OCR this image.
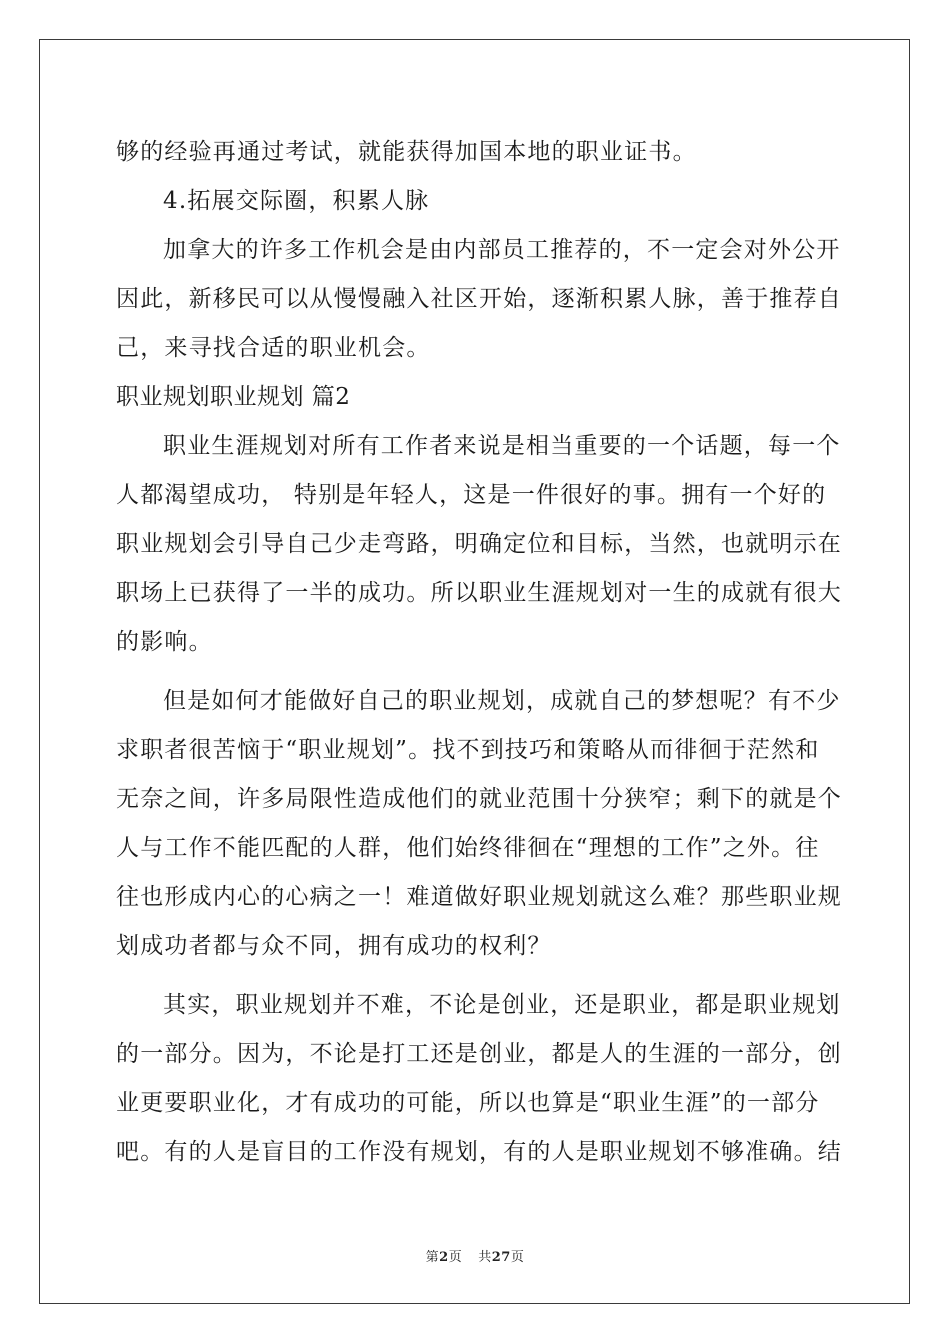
够的经验再通过考试，就能获得加国本地的职业证书。
4.拓展交际圈，积累人脉
加拿大的许多工作机会是由内部员工推荐的，不一定会对外公开
因此，新移民可以从慢慢融入社区开始，逐渐积累人脉，善于推荐自
己，来寻找合适的职业机会。
职业规划职业规划 篇2
职业生涯规划对所有工作者来说是相当重要的一个话题，每一个
人都渴望成功， 特别是年轻人，这是一件很好的事。拥有一个好的
职业规划会引导自己少走弯路，明确定位和目标，当然，也就明示在
职场上已获得了一半的成功。所以职业生涯规划对一生的成就有很大
的影响。
但是如何才能做好自己的职业规划，成就自己的梦想呢？有不少
求职者很苦恼于“职业规划”。找不到技巧和策略从而徘徊于茫然和
无奈之间，许多局限性造成他们的就业范围十分狭窄；剩下的就是个
人与工作不能匹配的人群，他们始终徘徊在“理想的工作”之外。往
往也形成内心的心病之一！难道做好职业规划就这么难？那些职业规
划成功者都与众不同，拥有成功的权利？
其实，职业规划并不难，不论是创业，还是职业，都是职业规划
的一部分。因为，不论是打工还是创业，都是人的生涯的一部分，创
业更要职业化，才有成功的可能，所以也算是“职业生涯”的一部分
吧。有的人是盲目的工作没有规划，有的人是职业规划不够准确。结
第2页 共27页
